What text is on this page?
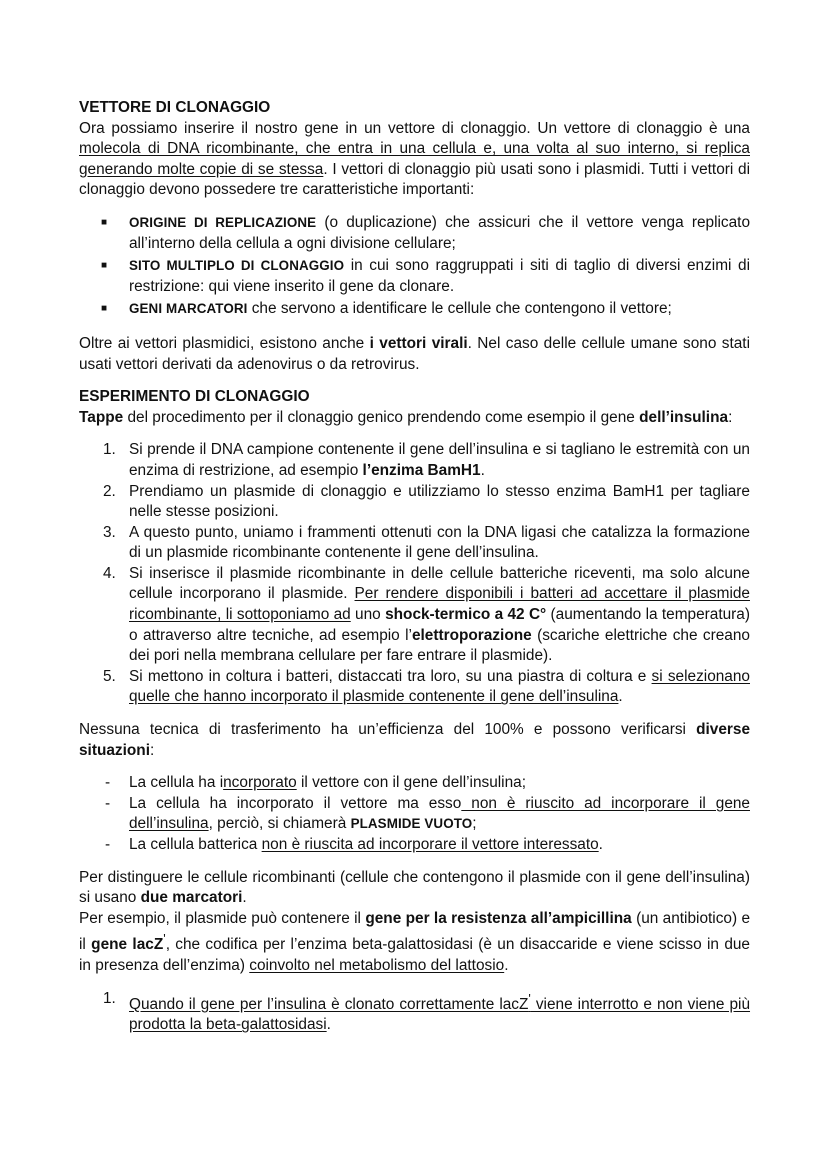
VETTORE DI CLONAGGIO

Ora possiamo inserire il nostro gene in un vettore di clonaggio. Un vettore di clonaggio è una molecola di DNA ricombinante, che entra in una cellula e, una volta al suo interno, si replica generando molte copie di se stessa. I vettori di clonaggio più usati sono i plasmidi. Tutti i vettori di clonaggio devono possedere tre caratteristiche importanti:

■ ORIGINE DI REPLICAZIONE (o duplicazione) che assicuri che il vettore venga replicato all’interno della cellula a ogni divisione cellulare;
■ SITO MULTIPLO DI CLONAGGIO in cui sono raggruppati i siti di taglio di diversi enzimi di restrizione: qui viene inserito il gene da clonare.
■ GENI MARCATORI che servono a identificare le cellule che contengono il vettore;

Oltre ai vettori plasmidici, esistono anche i vettori virali. Nel caso delle cellule umane sono stati usati vettori derivati da adenovirus o da retrovirus.

ESPERIMENTO DI CLONAGGIO

Tappe del procedimento per il clonaggio genico prendendo come esempio il gene dell’insulina:

1. Si prende il DNA campione contenente il gene dell’insulina e si tagliano le estremità con un enzima di restrizione, ad esempio l’enzima BamH1.
2. Prendiamo un plasmide di clonaggio e utilizziamo lo stesso enzima BamH1 per tagliare nelle stesse posizioni.
3. A questo punto, uniamo i frammenti ottenuti con la DNA ligasi che catalizza la formazione di un plasmide ricombinante contenente il gene dell’insulina.
4. Si inserisce il plasmide ricombinante in delle cellule batteriche riceventi, ma solo alcune cellule incorporano il plasmide. Per rendere disponibili i batteri ad accettare il plasmide ricombinante, li sottoponiamo ad uno shock-termico a 42 C° (aumentando la temperatura) o attraverso altre tecniche, ad esempio l’elettroporazione (scariche elettriche che creano dei pori nella membrana cellulare per fare entrare il plasmide).
5. Si mettono in coltura i batteri, distaccati tra loro, su una piastra di coltura e si selezionano quelle che hanno incorporato il plasmide contenente il gene dell’insulina.

Nessuna tecnica di trasferimento ha un’efficienza del 100% e possono verificarsi diverse situazioni:

- La cellula ha incorporato il vettore con il gene dell’insulina;
- La cellula ha incorporato il vettore ma esso non è riuscito ad incorporare il gene dell’insulina, perciò, si chiamerà PLASMIDE VUOTO;
- La cellula batterica non è riuscita ad incorporare il vettore interessato.

Per distinguere le cellule ricombinanti (cellule che contengono il plasmide con il gene dell’insulina) si usano due marcatori.

Per esempio, il plasmide può contenere il gene per la resistenza all’ampicillina (un antibiotico) e il gene lacZ', che codifica per l’enzima beta-galattosidasi (è un disaccaride e viene scisso in due in presenza dell’enzima) coinvolto nel metabolismo del lattosio.

1. Quando il gene per l’insulina è clonato correttamente lacZ' viene interrotto e non viene più prodotta la beta-galattosidasi.
